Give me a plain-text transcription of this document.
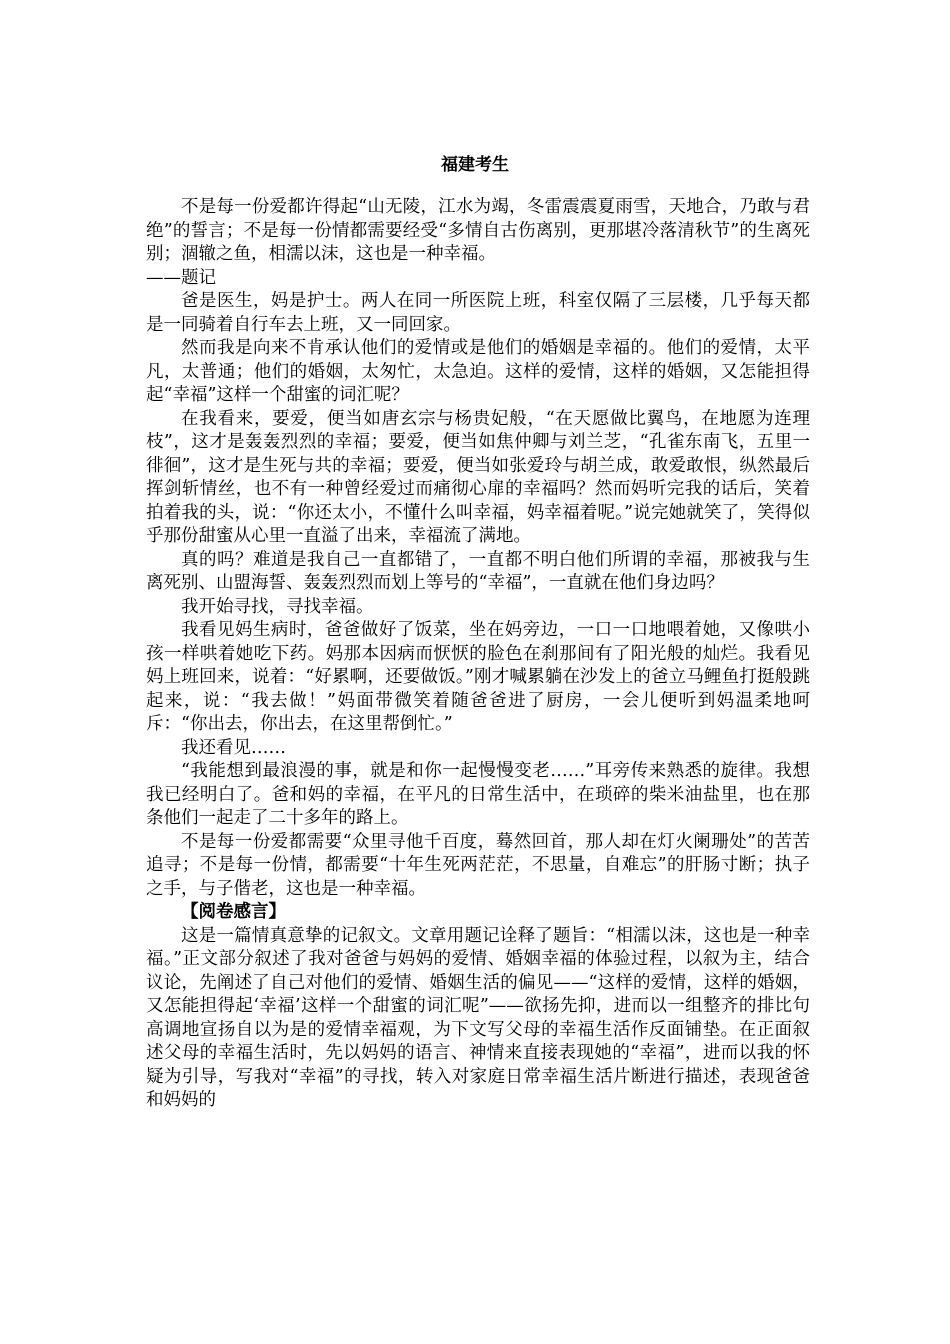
福建考生

不是每一份爱都许得起“山无陵，江水为竭，冬雷震震夏雨雪，天地合，乃敢与君绝”的誓言；不是每一份情都需要经受“多情自古伤离别，更那堪冷落清秋节”的生离死别；涸辙之鱼，相濡以沫，这也是一种幸福。

——题记

爸是医生，妈是护士。两人在同一所医院上班，科室仅隔了三层楼，几乎每天都是一同骑着自行车去上班，又一同回家。

然而我是向来不肯承认他们的爱情或是他们的婚姻是幸福的。他们的爱情，太平凡，太普通；他们的婚姻，太匆忙，太急迫。这样的爱情，这样的婚姻，又怎能担得起“幸福”这样一个甜蜜的词汇呢？

在我看来，要爱，便当如唐玄宗与杨贵妃般，“在天愿做比翼鸟，在地愿为连理枝”，这才是轰轰烈烈的幸福；要爱，便当如焦仲卿与刘兰芝，“孔雀东南飞，五里一徘徊”，这才是生死与共的幸福；要爱，便当如张爱玲与胡兰成，敢爱敢恨，纵然最后挥剑斩情丝，也不有一种曾经爱过而痛彻心扉的幸福吗？然而妈听完我的话后，笑着拍着我的头，说：“你还太小，不懂什么叫幸福，妈幸福着呢。”说完她就笑了，笑得似乎那份甜蜜从心里一直溢了出来，幸福流了满地。

真的吗？难道是我自己一直都错了，一直都不明白他们所谓的幸福，那被我与生离死别、山盟海誓、轰轰烈烈而划上等号的“幸福”，一直就在他们身边吗？

我开始寻找，寻找幸福。

我看见妈生病时，爸爸做好了饭菜，坐在妈旁边，一口一口地喂着她，又像哄小孩一样哄着她吃下药。妈那本因病而恹恹的脸色在刹那间有了阳光般的灿烂。我看见妈上班回来，说着：“好累啊，还要做饭。”刚才喊累躺在沙发上的爸立马鲤鱼打挺般跳起来，说：“我去做！”妈面带微笑着随爸爸进了厨房，一会儿便听到妈温柔地呵斥：“你出去，你出去，在这里帮倒忙。”

我还看见……

“我能想到最浪漫的事，就是和你一起慢慢变老……”耳旁传来熟悉的旋律。我想我已经明白了。爸和妈的幸福，在平凡的日常生活中，在琐碎的柴米油盐里，也在那条他们一起走了二十多年的路上。

不是每一份爱都需要“众里寻他千百度，蓦然回首，那人却在灯火阑珊处”的苦苦追寻；不是每一份情，都需要“十年生死两茫茫，不思量，自难忘”的肝肠寸断；执子之手，与子偕老，这也是一种幸福。

【阅卷感言】

这是一篇情真意挚的记叙文。文章用题记诠释了题旨：“相濡以沫，这也是一种幸福。”正文部分叙述了我对爸爸与妈妈的爱情、婚姻幸福的体验过程，以叙为主，结合议论，先阐述了自己对他们的爱情、婚姻生活的偏见——“这样的爱情，这样的婚姻，又怎能担得起‘幸福’这样一个甜蜜的词汇呢”——欲扬先抑，进而以一组整齐的排比句高调地宣扬自以为是的爱情幸福观，为下文写父母的幸福生活作反面铺垫。在正面叙述父母的幸福生活时，先以妈妈的语言、神情来直接表现她的“幸福”，进而以我的怀疑为引导，写我对“幸福”的寻找，转入对家庭日常幸福生活片断进行描述，表现爸爸和妈妈的
